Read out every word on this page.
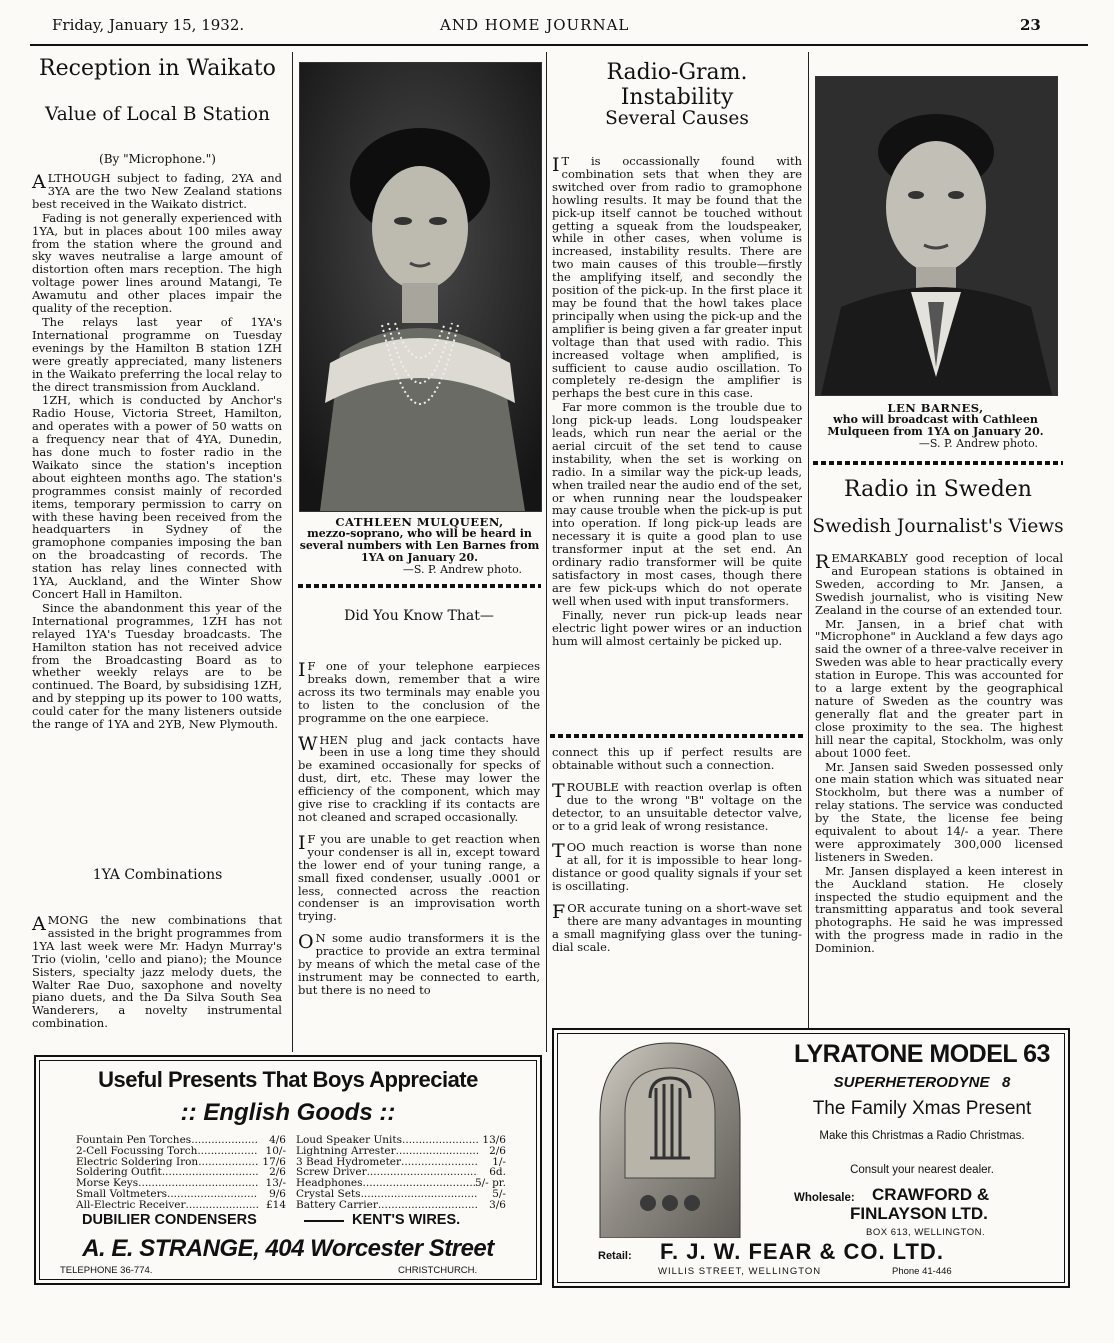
Friday, January 15, 1932.	AND HOME JOURNAL	23
Reception in Waikato
Value of Local B Station
(By "Microphone.")

ALTHOUGH subject to fading, 2YA and 3YA are the two New Zealand stations best received in the Waikato district.

Fading is not generally experienced with 1YA, but in places about 100 miles away from the station where the ground and sky waves neutralise a large amount of distortion often mars reception. The high voltage power lines around Matangi, Te Awamutu and other places impair the quality of the reception.

The relays last year of 1YA's International programme on Tuesday evenings by the Hamilton B station 1ZH were greatly appreciated, many listeners in the Waikato preferring the local relay to the direct transmission from Auckland.

1ZH, which is conducted by Anchor's Radio House, Victoria Street, Hamilton, and operates with a power of 50 watts on a frequency near that of 4YA, Dunedin, has done much to foster radio in the Waikato since the station's inception about eighteen months ago. The station's programmes consist mainly of recorded items, temporary permission to carry on with these having been received from the headquarters in Sydney of the gramophone companies imposing the ban on the broadcasting of records. The station has relay lines connected with 1YA, Auckland, and the Winter Show Concert Hall in Hamilton.

Since the abandonment this year of the International programmes, 1ZH has not relayed 1YA's Tuesday broadcasts. The Hamilton station has not received advice from the Broadcasting Board as to whether weekly relays are to be continued. The Board, by subsidising 1ZH, and by stepping up its power to 100 watts, could cater for the many listeners outside the range of 1YA and 2YB, New Plymouth.

1YA Combinations

AMONG the new combinations that assisted in the bright programmes from 1YA last week were Mr. Hadyn Murray's Trio (violin, 'cello and piano); the Mounce Sisters, specialty jazz melody duets, the Walter Rae Duo, saxophone and novelty piano duets, and the Da Silva South Sea Wanderers, a novelty instrumental combination.

CATHLEEN MULQUEEN,
mezzo-soprano, who will be heard in several numbers with Len Barnes from 1YA on January 20.
—S. P. Andrew photo.
Did You Know That—

I F one of your telephone earpieces breaks down, remember that a wire across its two terminals may enable you to listen to the conclusion of the programme on the one earpiece.

WHEN plug and jack contacts have been in use a long time they should be examined occasionally for specks of dust, dirt, etc. These may lower the efficiency of the component, which may give rise to crackling if its contacts are not cleaned and scraped occasionally.

I F you are unable to get reaction when your condenser is all in, except toward the lower end of your tuning range, a small fixed condenser, usually .0001 or less, connected across the reaction condenser is an improvisation worth trying.

O N some audio transformers it is the practice to provide an extra terminal by means of which the metal case of the instrument may be connected to earth, but there is no need to

Radio-Gram. Instability
Several Causes

I T is occassionally found with combination sets that when they are switched over from radio to gramophone howling results. It may be found that the pick-up itself cannot be touched without getting a squeak from the loudspeaker, while in other cases, when volume is increased, instability results. There are two main causes of this trouble—firstly the amplifying itself, and secondly the position of the pick-up. In the first place it may be found that the howl takes place principally when using the pick-up and the amplifier is being given a far greater input voltage than that used with radio. This increased voltage when amplified, is sufficient to cause audio oscillation. To completely re-design the amplifier is perhaps the best cure in this case.

Far more common is the trouble due to long pick-up leads. Long loudspeaker leads, which run near the aerial or the aerial circuit of the set tend to cause instability, when the set is working on radio. In a similar way the pick-up leads, when trailed near the audio end of the set, or when running near the loudspeaker may cause trouble when the pick-up is put into operation. If long pick-up leads are necessary it is quite a good plan to use transformer input at the set end. An ordinary radio transformer will be quite satisfactory in most cases, though there are few pick-ups which do not operate well when used with input transformers.

Finally, never run pick-up leads near electric light power wires or an induction hum will almost certainly be picked up.

connect this up if perfect results are obtainable without such a connection.

TROUBLE with reaction overlap is often due to the wrong "B" voltage on the detector, to an unsuitable detector valve, or to a grid leak of wrong resistance.

TOO much reaction is worse than none at all, for it is impossible to hear long-distance or good quality signals if your set is oscillating.

FOR accurate tuning on a short-wave set there are many advantages in mounting a small magnifying glass over the tuning-dial scale.

LEN BARNES,
who will broadcast with Cathleen Mulqueen from 1YA on January 20.
—S. P. Andrew photo.
Radio in Sweden
Swedish Journalist's Views

REMARKABLY good reception of local and European stations is obtained in Sweden, according to Mr. Jansen, a Swedish journalist, who is visiting New Zealand in the course of an extended tour.

Mr. Jansen, in a brief chat with "Microphone" in Auckland a few days ago said the owner of a three-valve receiver in Sweden was able to hear practically every station in Europe. This was accounted for to a large extent by the geographical nature of Sweden as the country was generally flat and the greater part in close proximity to the sea. The highest hill near the capital, Stockholm, was only about 1000 feet.

Mr. Jansen said Sweden possessed only one main station which was situated near Stockholm, but there was a number of relay stations. The service was conducted by the State, the license fee being equivalent to about 14/- a year. There were approximately 300,000 licensed listeners in Sweden.

Mr. Jansen displayed a keen interest in the Auckland station. He closely inspected the studio equipment and the transmitting apparatus and took several photographs. He said he was impressed with the progress made in radio in the Dominion.

Useful Presents That Boys Appreciate
:: English Goods ::
Fountain Pen Torches .....	4/6
2-Cell Focussing Torch .....	10/-
Electric Soldering Iron .....	17/6
Soldering Outfit .....	2/6
Morse Keys .....	13/-
Small Voltmeters .....	9/6
All-Electric Receiver .....	£14
Loud Speaker Units .....	13/6
Lightning Arrester .....	2/6
3 Bead Hydrometer .....	1/-
Screw Driver .....	6d.
Headphones .....	5/- pr.
Crystal Sets .....	5/-
Battery Carrier .....	3/6
DUBILIER CONDENSERS	KENT'S WIRES.
A. E. STRANGE, 404 Worcester Street
TELEPHONE 36-774.	CHRISTCHURCH.
LYRATONE MODEL 63
SUPERHETERODYNE 8
The Family Xmas Present
Make this Christmas a Radio Christmas.
Consult your nearest dealer.
Wholesale: CRAWFORD &
FINLAYSON LTD.
BOX 613, WELLINGTON.
Retail: F. J. W. FEAR & CO. LTD.
WILLIS STREET, WELLINGTON	Phone 41-446
